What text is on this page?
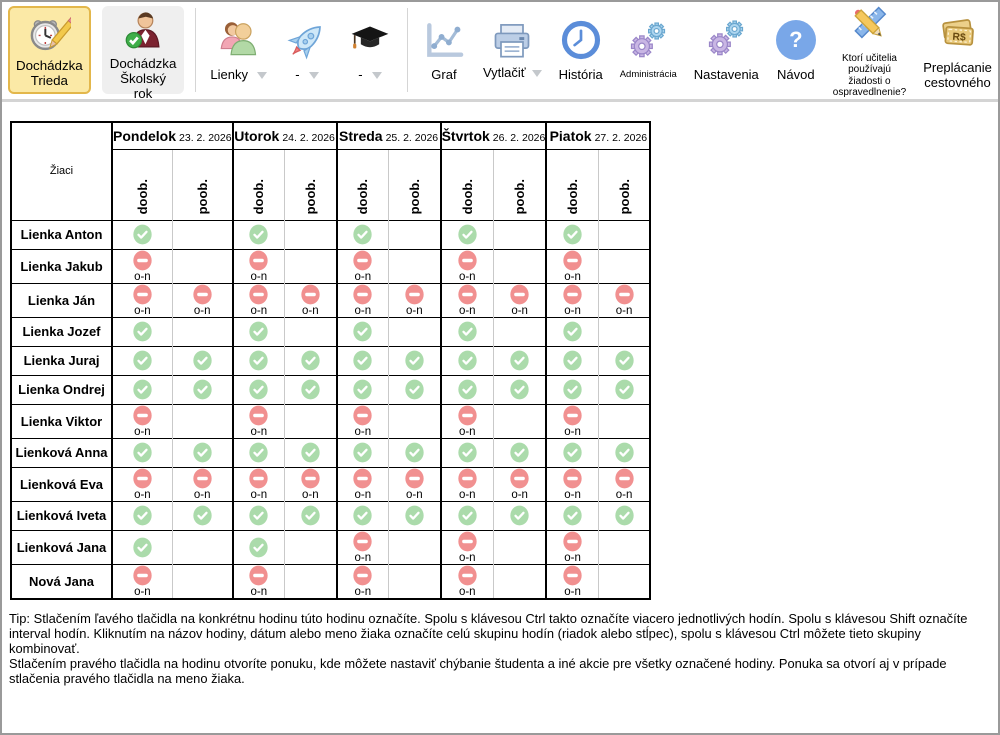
Dochádzka Trieda
Dochádzka Školský rok
Lienky	-	-	Graf Vytlačiť	História Administrácia Nastavenia
?
Návod
Ktorí učitelia používajú žiadosti o ospravedlnenie?
R$
Preplácanie cestovného
Žiaci	Pondelok 23. 2. 2026		Utorok 24. 2. 2026		Streda 25. 2. 2026		Štvrtok 26. 2. 2026		Piatok 27. 2. 2026	
	doob.	poob.	doob.	poob.	doob.	poob.	doob.	poob.	doob.	poob.
Lienka Anton	

Lienka Jakub	o-n		o-n		o-n		o-n		o-n	

Lienka Ján	o-n	o-n	o-n	o-n	o-n	o-n	o-n	o-n	o-n	o-n

Lienka Jozef	

Lienka Juraj	

Lienka Ondrej	

Lienka Viktor	o-n		o-n		o-n		o-n		o-n	

Lienková Anna	

Lienková Eva	o-n	o-n	o-n	o-n	o-n	o-n	o-n	o-n	o-n	o-n

Lienková Iveta	

Lienková Jana					o-n		o-n		o-n	

Nová Jana	o-n		o-n		o-n		o-n		o-n	

Tip: Stlačením ľavého tlačidla na konkrétnu hodinu túto hodinu označíte. Spolu s klávesou Ctrl takto označíte viacero jednotlivých hodín. Spolu s klávesou Shift označíte interval hodín. Kliknutím na názov hodiny, dátum alebo meno žiaka označíte celú skupinu hodín (riadok alebo stĺpec), spolu s klávesou Ctrl môžete tieto skupiny kombinovať.
Stlačením pravého tlačidla na hodinu otvoríte ponuku, kde môžete nastaviť chýbanie študenta a iné akcie pre všetky označené hodiny. Ponuka sa otvorí aj v prípade stlačenia pravého tlačidla na meno žiaka.
